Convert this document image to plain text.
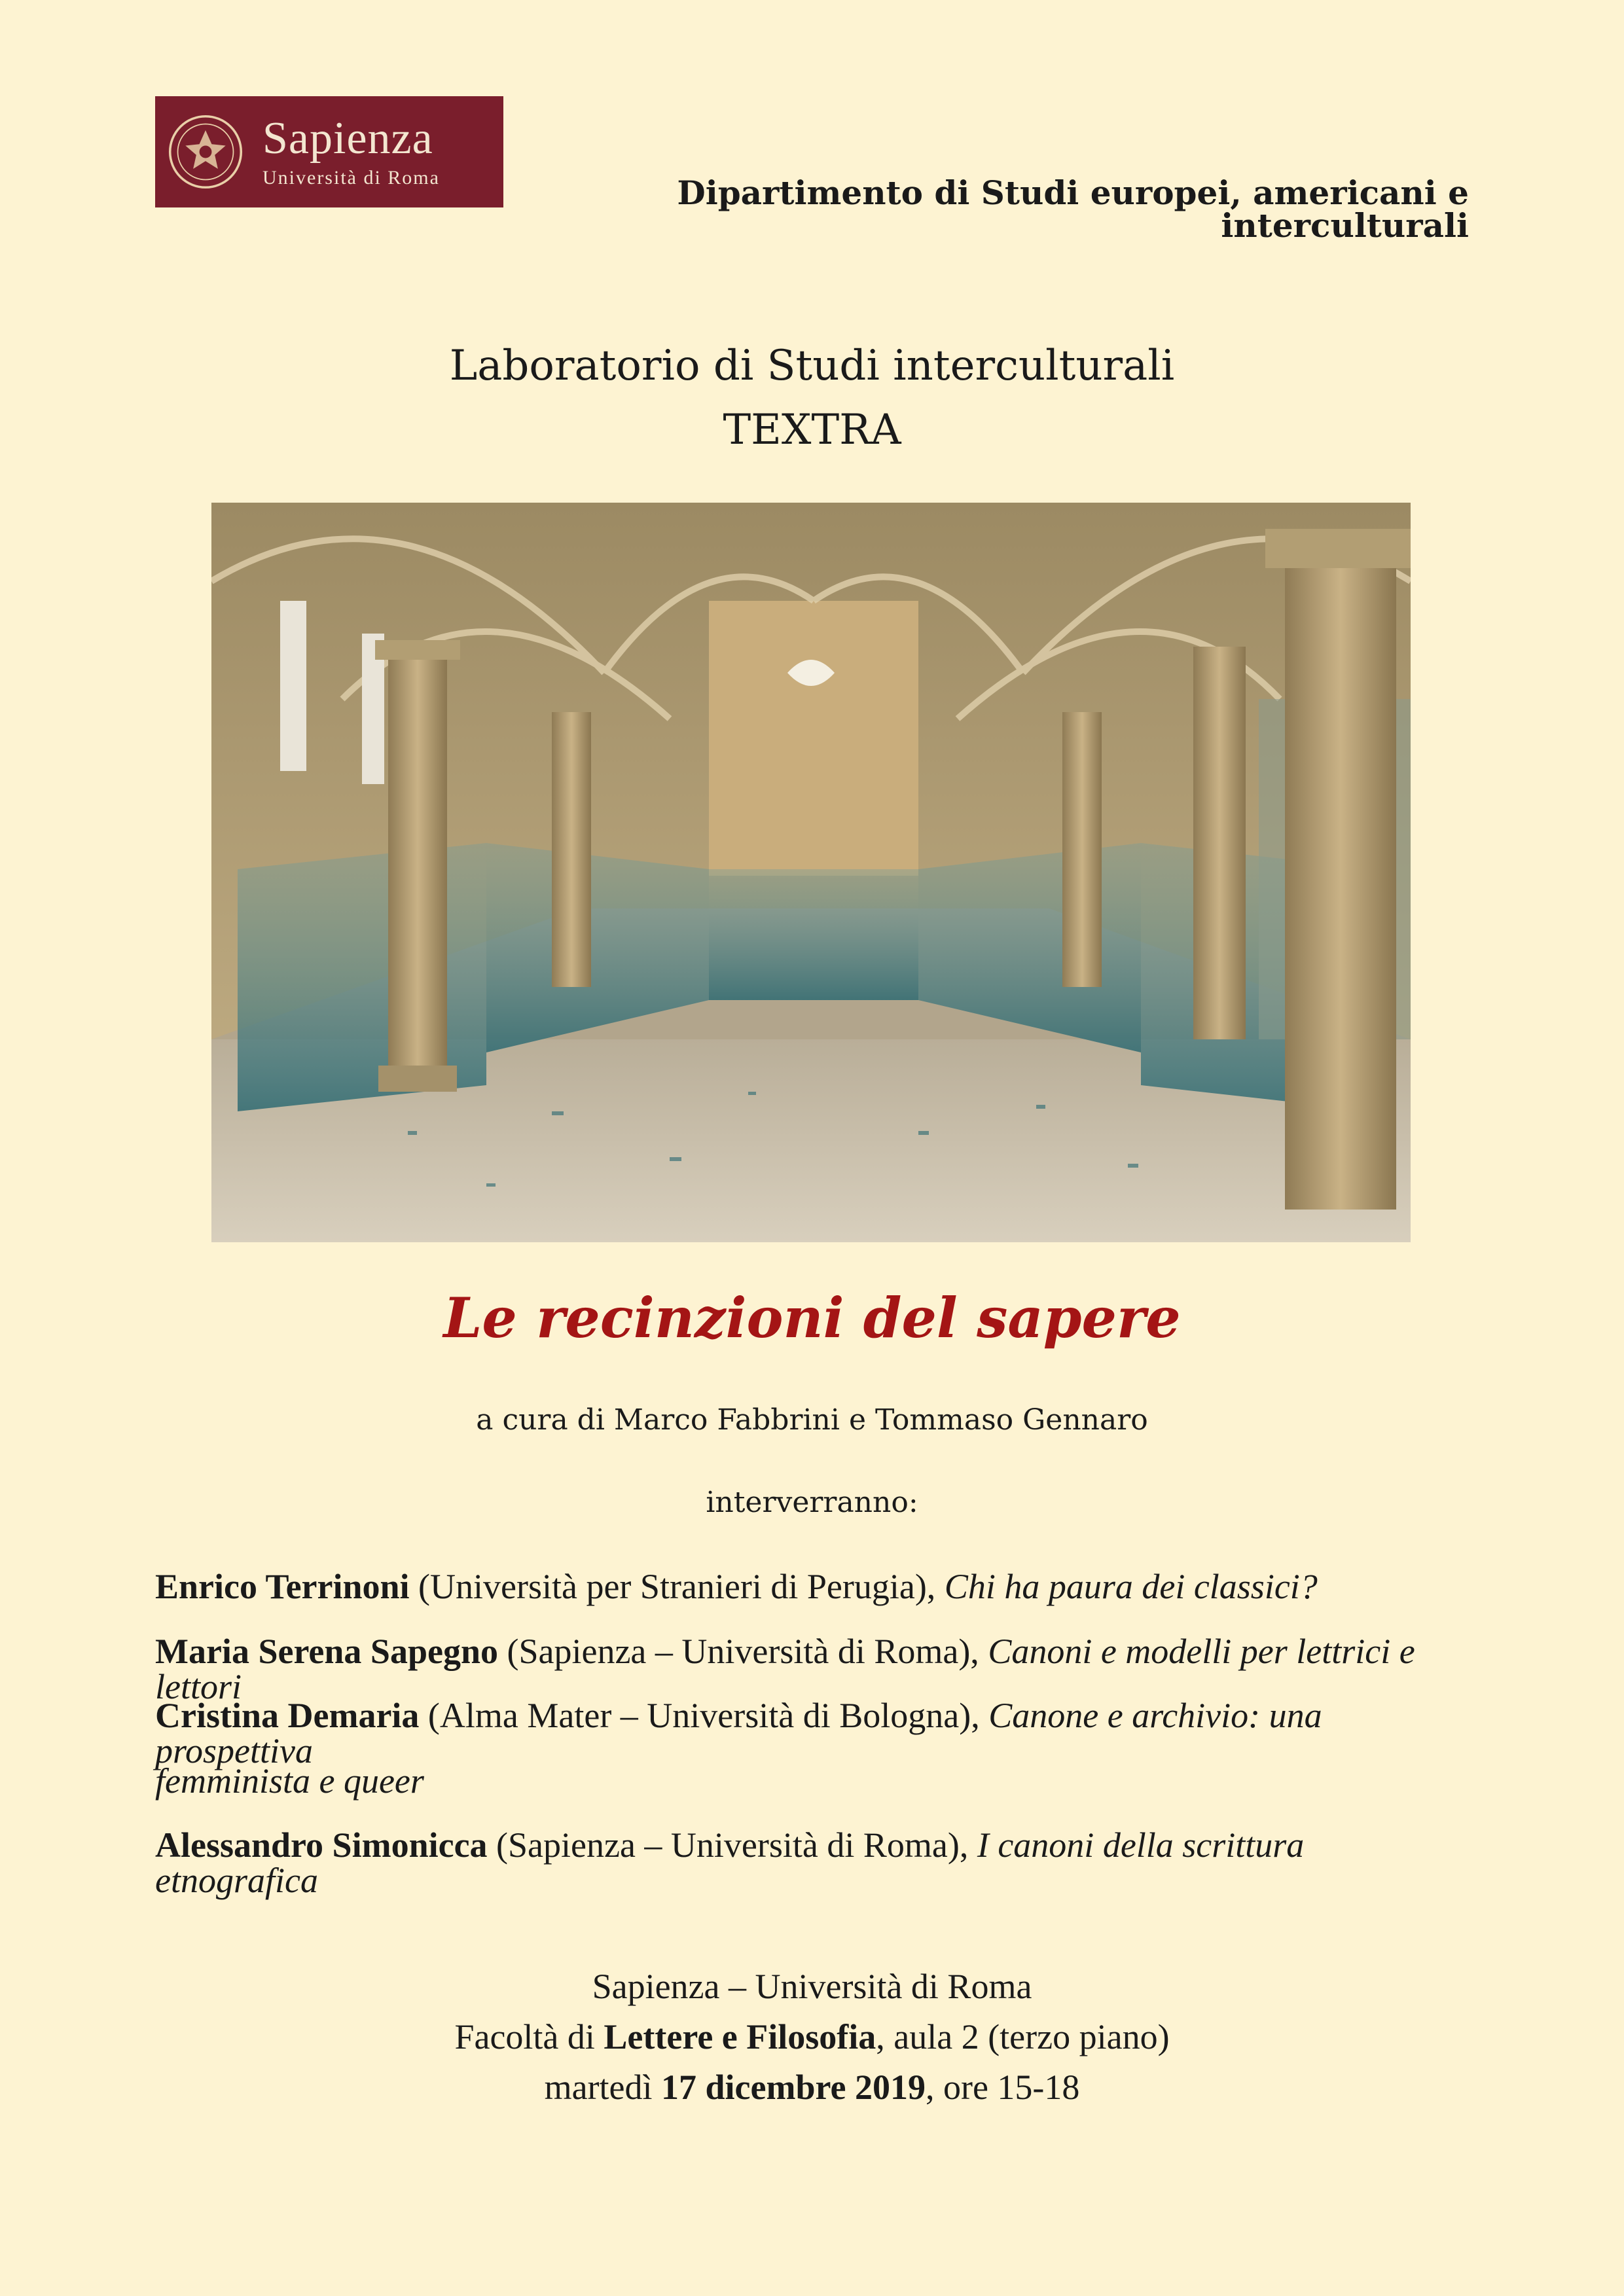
Sapienza
Università di Roma	Dipartimento di Studi europei, americani e interculturali
Laboratorio di Studi interculturali
TEXTRA
Le recinzioni del sapere
a cura di Marco Fabbrini e Tommaso Gennaro
interverranno:
Enrico Terrinoni (Università per Stranieri di Perugia), Chi ha paura dei classici?
Maria Serena Sapegno (Sapienza – Università di Roma), Canoni e modelli per lettrici e lettori
Cristina Demaria (Alma Mater – Università di Bologna), Canone e archivio: una prospettiva
femminista e queer
Alessandro Simonicca (Sapienza – Università di Roma), I canoni della scrittura etnografica
Sapienza – Università di Roma
Facoltà di Lettere e Filosofia, aula 2 (terzo piano)
martedì 17 dicembre 2019, ore 15-18
